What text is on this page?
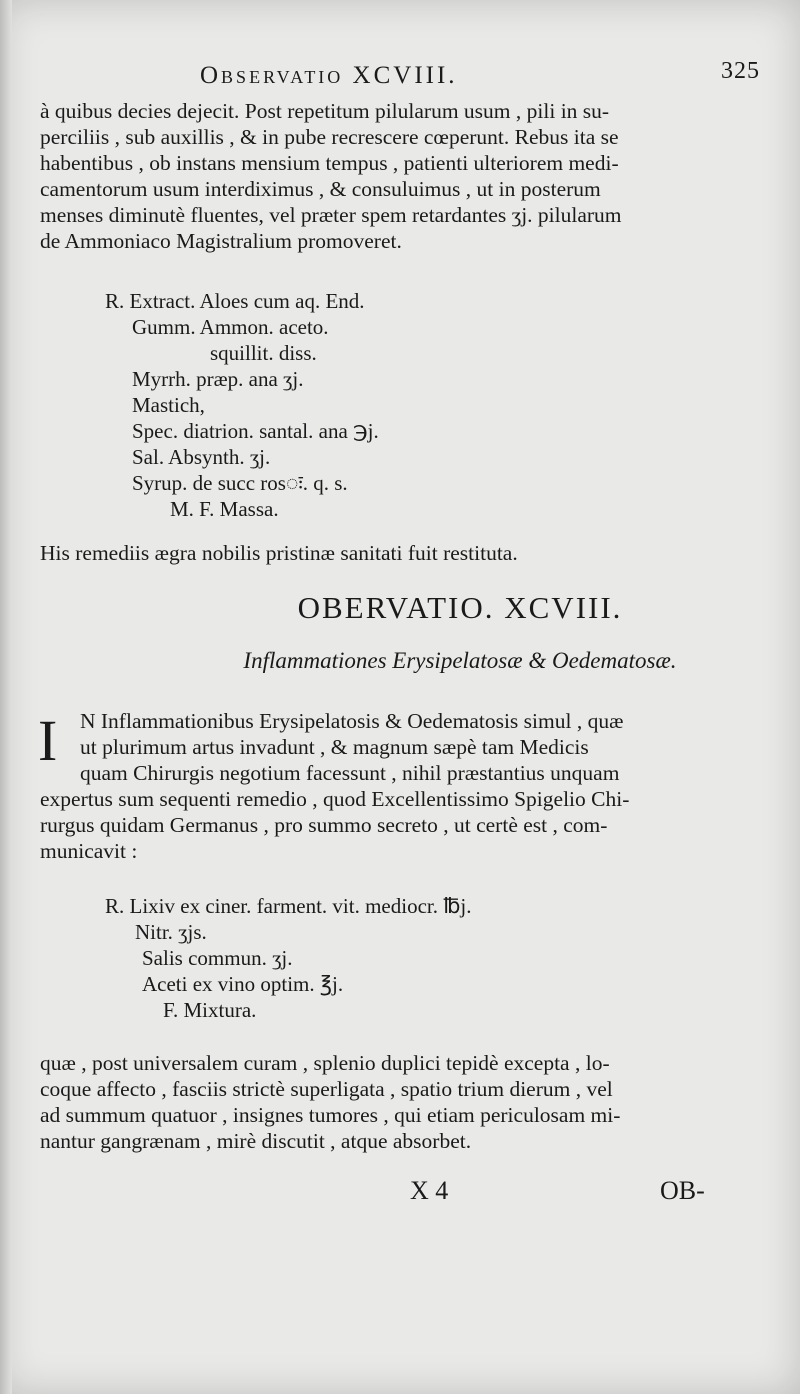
Observatio XCVIII.	325
à quibus decies dejecit. Post repetitum pilularum usum , pili in su-
perciliis , sub auxillis , & in pube recrescere cœperunt. Rebus ita se
habentibus , ob instans mensium tempus , patienti ulteriorem medi-
camentorum usum interdiximus , & consuluimus , ut in posterum
menses diminutè fluentes, vel præter spem retardantes ʒj. pilularum
de Ammoniaco Magistralium promoveret.
R. Extract. Aloes cum aq. End.
Gumm. Ammon. aceto.
squillit. diss.
Myrrh. præp. ana ʒj.
Mastich,
Spec. diatrion. santal. ana ℈j.
Sal. Absynth. ʒj.
Syrup. de succ rosः. q. s.
M. F. Massa.
His remediis ægra nobilis pristinæ sanitati fuit restituta.
OBERVATIO. XCVIII.
Inflammationes Erysipelatosæ & Oedematosæ.
I	N Inflammationibus Erysipelatosis & Oedematosis simul , quæ
ut plurimum artus invadunt , & magnum sæpè tam Medicis
quam Chirurgis negotium facessunt , nihil præstantius unquam
expertus sum sequenti remedio , quod Excellentissimo Spigelio Chi-
rurgus quidam Germanus , pro summo secreto , ut certè est , com-
municavit :
R. Lixiv ex ciner. farment. vit. mediocr. ℔j.
Nitr. ʒjs.
Salis commun. ʒj.
Aceti ex vino optim. ℥j.
F. Mixtura.
quæ , post universalem curam , splenio duplici tepidè excepta , lo-
coque affecto , fasciis strictè superligata , spatio trium dierum , vel
ad summum quatuor , insignes tumores , qui etiam periculosam mi-
nantur gangrænam , mirè discutit , atque absorbet.
X 4	OB-
